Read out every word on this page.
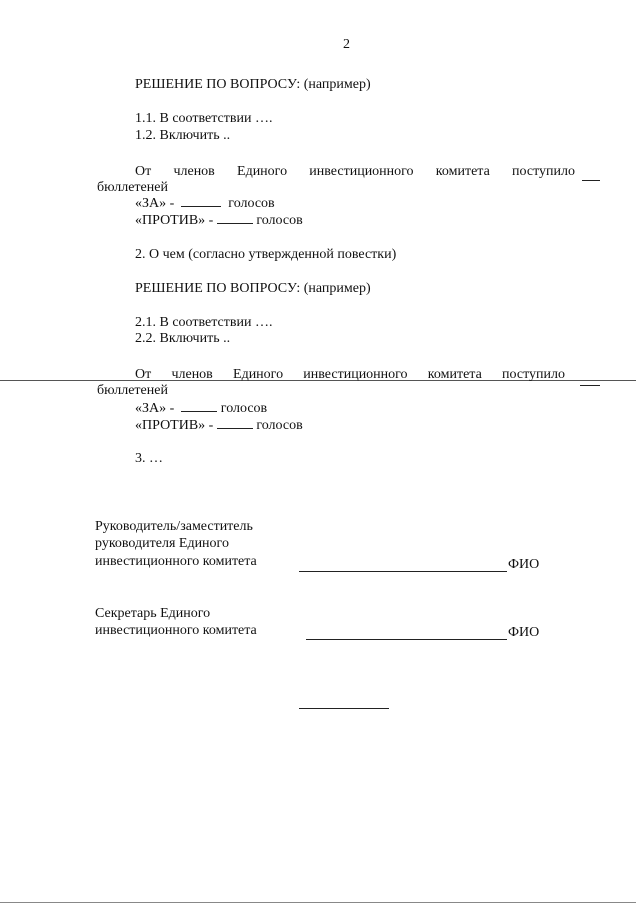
2
РЕШЕНИЕ ПО ВОПРОСУ: (например)
1.1. В соответствии ….
1.2. Включить ..
От членов Единого инвестиционного комитета поступило
бюллетеней
«ЗА» -	голосов
«ПРОТИВ» -	голосов
2. О чем (согласно утвержденной повестки)
РЕШЕНИЕ ПО ВОПРОСУ: (например)
2.1. В соответствии ….
2.2. Включить ..
От членов Единого инвестиционного комитета поступило
бюллетеней
«ЗА» -	голосов
«ПРОТИВ» -	голосов
3. …
Руководитель/заместитель
руководителя Единого
инвестиционного комитета	ФИО
Секретарь Единого
инвестиционного комитета	ФИО
